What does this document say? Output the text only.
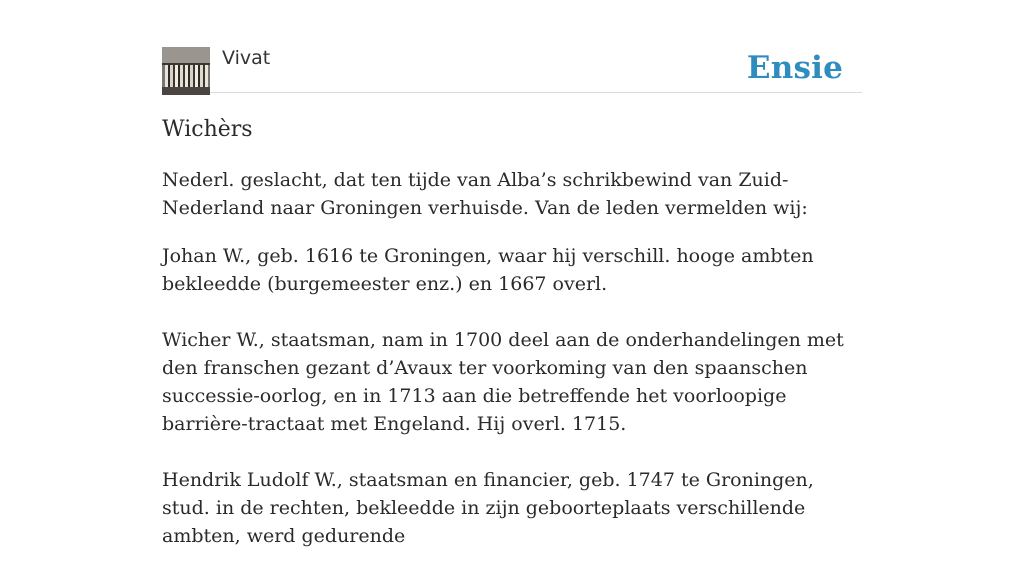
Vivat	Ensie
Wichèrs

Nederl. geslacht, dat ten tijde van Alba’s schrikbewind van Zuid-Nederland naar Groningen verhuisde. Van de leden vermelden wij:

Johan W., geb. 1616 te Groningen, waar hij verschill. hooge ambten bekleedde (burgemeester enz.) en 1667 overl.

Wicher W., staatsman, nam in 1700 deel aan de onderhandelingen met den franschen gezant d’Avaux ter voorkoming van den spaanschen successie-oorlog, en in 1713 aan die betreffende het voorloopige barrière-tractaat met Engeland. Hij overl. 1715.

Hendrik Ludolf W., staatsman en financier, geb. 1747 te Groningen, stud. in de rechten, bekleedde in zijn geboorteplaats verschillende ambten, werd gedurende
